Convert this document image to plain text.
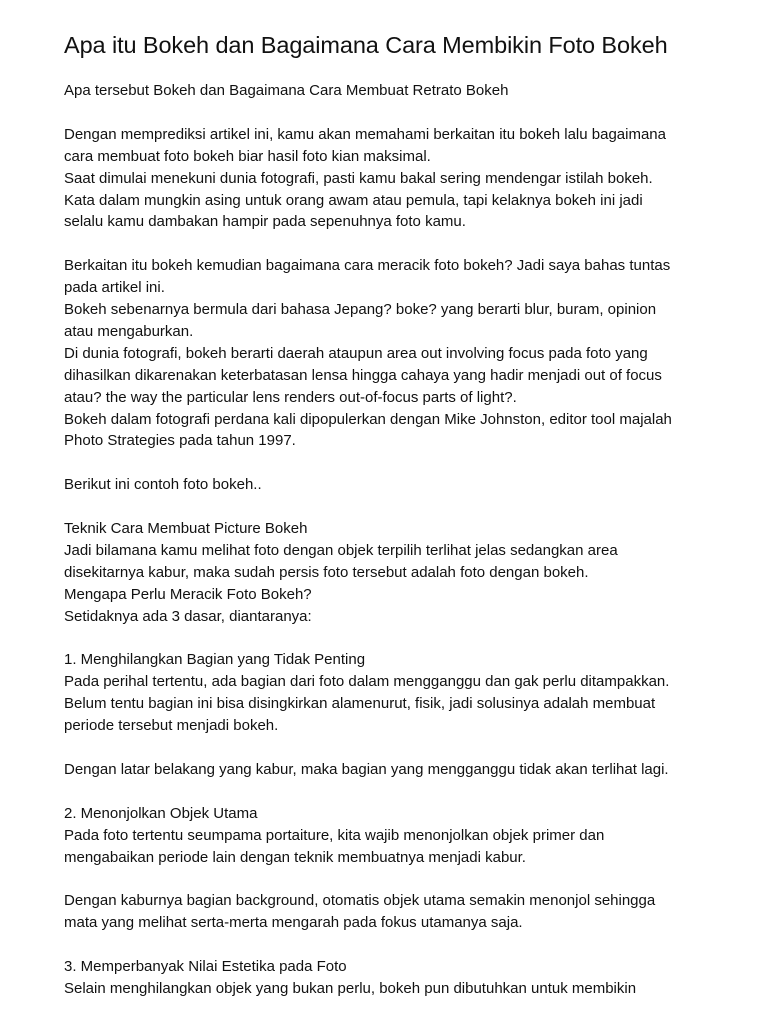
Apa itu Bokeh dan Bagaimana Cara Membikin Foto Bokeh
Apa tersebut Bokeh dan Bagaimana Cara Membuat Retrato Bokeh
Dengan memprediksi artikel ini, kamu akan memahami berkaitan itu bokeh lalu bagaimana
cara membuat foto bokeh biar hasil foto kian maksimal.
Saat dimulai menekuni dunia fotografi, pasti kamu bakal sering mendengar istilah bokeh.
Kata dalam mungkin asing untuk orang awam atau pemula, tapi kelaknya bokeh ini jadi
selalu kamu dambakan hampir pada sepenuhnya foto kamu.
Berkaitan itu bokeh kemudian bagaimana cara meracik foto bokeh? Jadi saya bahas tuntas
pada artikel ini.
Bokeh sebenarnya bermula dari bahasa Jepang? boke? yang berarti blur, buram, opinion
atau mengaburkan.
Di dunia fotografi, bokeh berarti daerah ataupun area out involving focus pada foto yang
dihasilkan dikarenakan keterbatasan lensa hingga cahaya yang hadir menjadi out of focus
atau? the way the particular lens renders out-of-focus parts of light?.
Bokeh dalam fotografi perdana kali dipopulerkan dengan Mike Johnston, editor tool majalah
Photo Strategies pada tahun 1997.
Berikut ini contoh foto bokeh..
Teknik Cara Membuat Picture Bokeh
Jadi bilamana kamu melihat foto dengan objek terpilih terlihat jelas sedangkan area
disekitarnya kabur, maka sudah persis foto tersebut adalah foto dengan bokeh.
Mengapa Perlu Meracik Foto Bokeh?
Setidaknya ada 3 dasar, diantaranya:
1. Menghilangkan Bagian yang Tidak Penting
Pada perihal tertentu, ada bagian dari foto dalam mengganggu dan gak perlu ditampakkan.
Belum tentu bagian ini bisa disingkirkan alamenurut, fisik, jadi solusinya adalah membuat
periode tersebut menjadi bokeh.
Dengan latar belakang yang kabur, maka bagian yang mengganggu tidak akan terlihat lagi.
2. Menonjolkan Objek Utama
Pada foto tertentu seumpama portaiture, kita wajib menonjolkan objek primer dan
mengabaikan periode lain dengan teknik membuatnya menjadi kabur.
Dengan kaburnya bagian background, otomatis objek utama semakin menonjol sehingga
mata yang melihat serta-merta mengarah pada fokus utamanya saja.
3. Memperbanyak Nilai Estetika pada Foto
Selain menghilangkan objek yang bukan perlu, bokeh pun dibutuhkan untuk membikin
